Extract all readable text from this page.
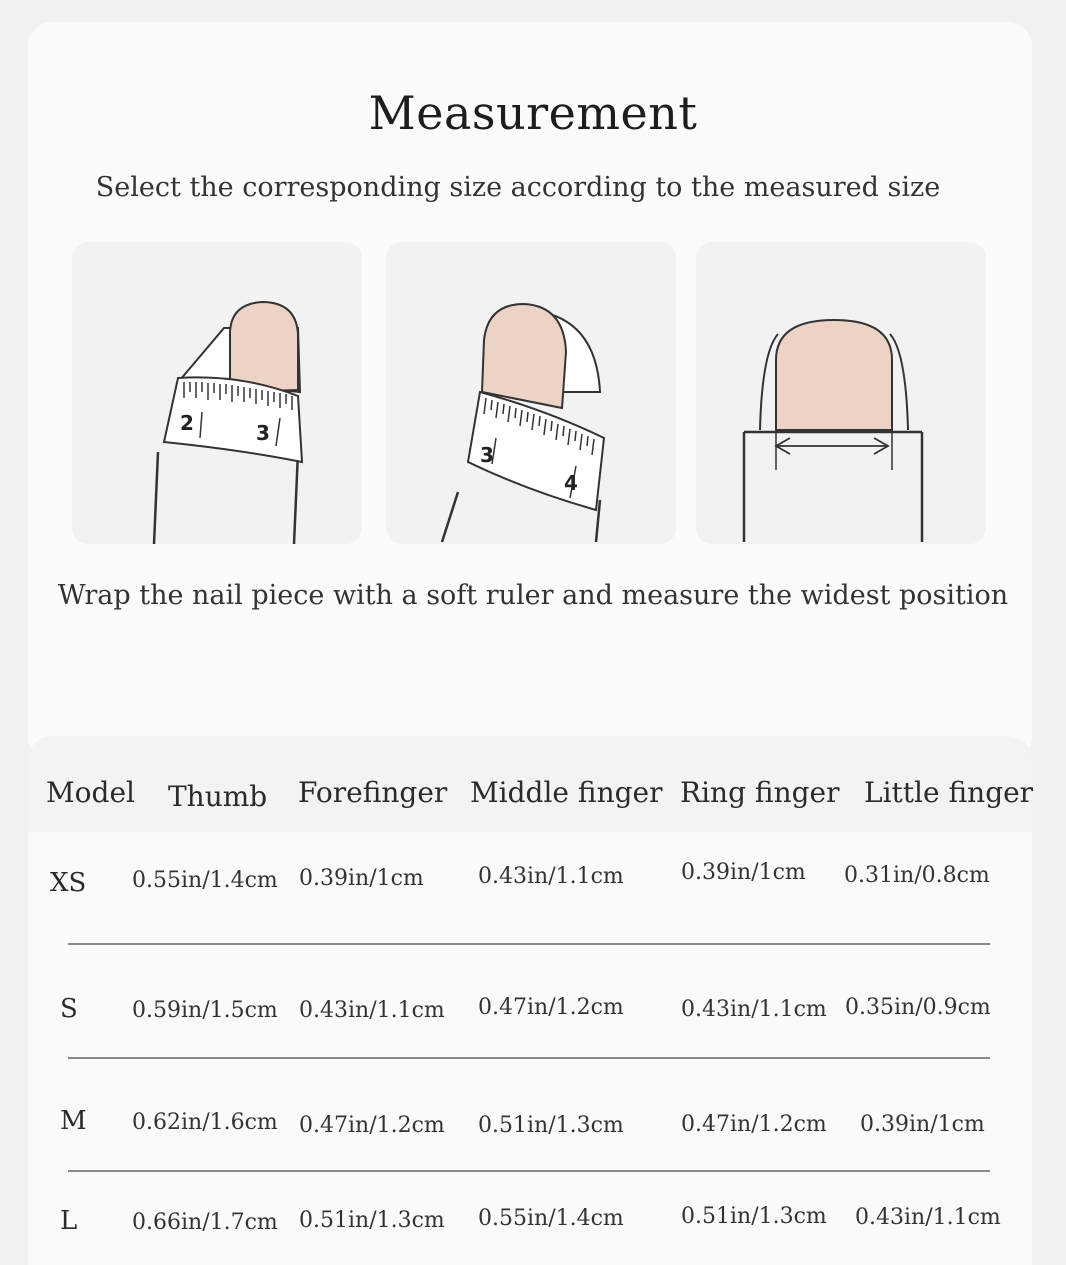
Measurement
Select the corresponding size according to the measured size
2	3
3
4
Wrap the nail piece with a soft ruler and measure the widest position
Model Thumb Forefinger Middle finger Ring finger Little finger
XS 0.55in/1.4cm 0.39in/1cm 0.43in/1.1cm	0.39in/1cm 0.31in/0.8cm
S 0.59in/1.5cm 0.43in/1.1cm 0.47in/1.2cm	0.43in/1.1cm 0.35in/0.9cm
M 0.62in/1.6cm 0.47in/1.2cm 0.51in/1.3cm	0.47in/1.2cm 0.39in/1cm
L 0.66in/1.7cm 0.51in/1.3cm 0.55in/1.4cm	0.51in/1.3cm 0.43in/1.1cm
